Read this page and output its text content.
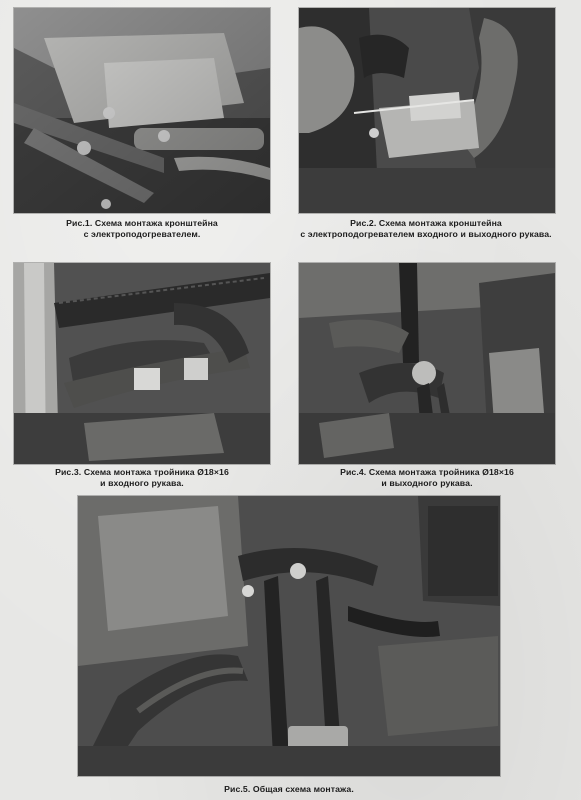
Рис.1. Схема монтажа кронштейна
с электроподогревателем.
Рис.2. Схема монтажа кронштейна
с электроподогревателем входного и выходного рукава.
Рис.3. Схема монтажа тройника Ø18×16
и входного рукава.
Рис.4. Схема монтажа тройника Ø18×16
и выходного рукава.
Рис.5. Общая схема монтажа.
